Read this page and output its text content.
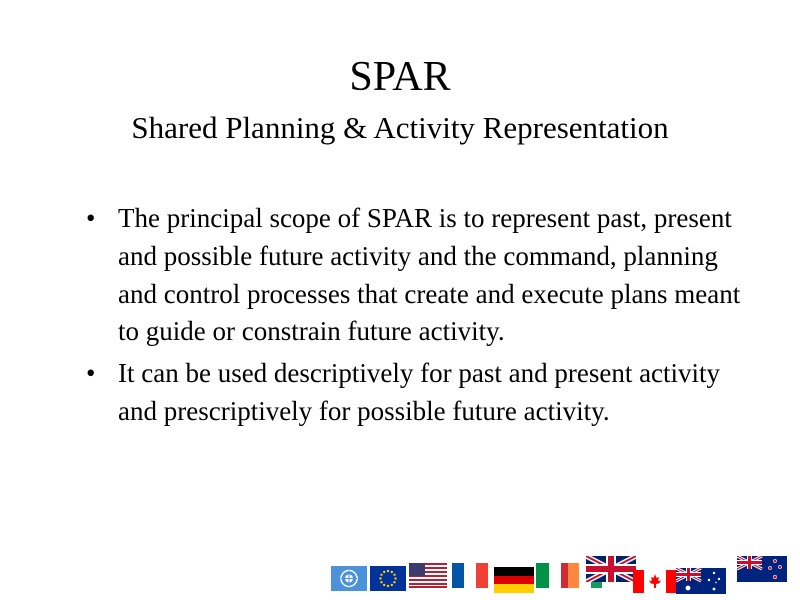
SPAR
Shared Planning & Activity Representation
• The principal scope of SPAR is to represent past, present and possible future activity and the command, planning and control processes that create and execute plans meant to guide or constrain future activity.
• It can be used descriptively for past and present activity and prescriptively for possible future activity.
